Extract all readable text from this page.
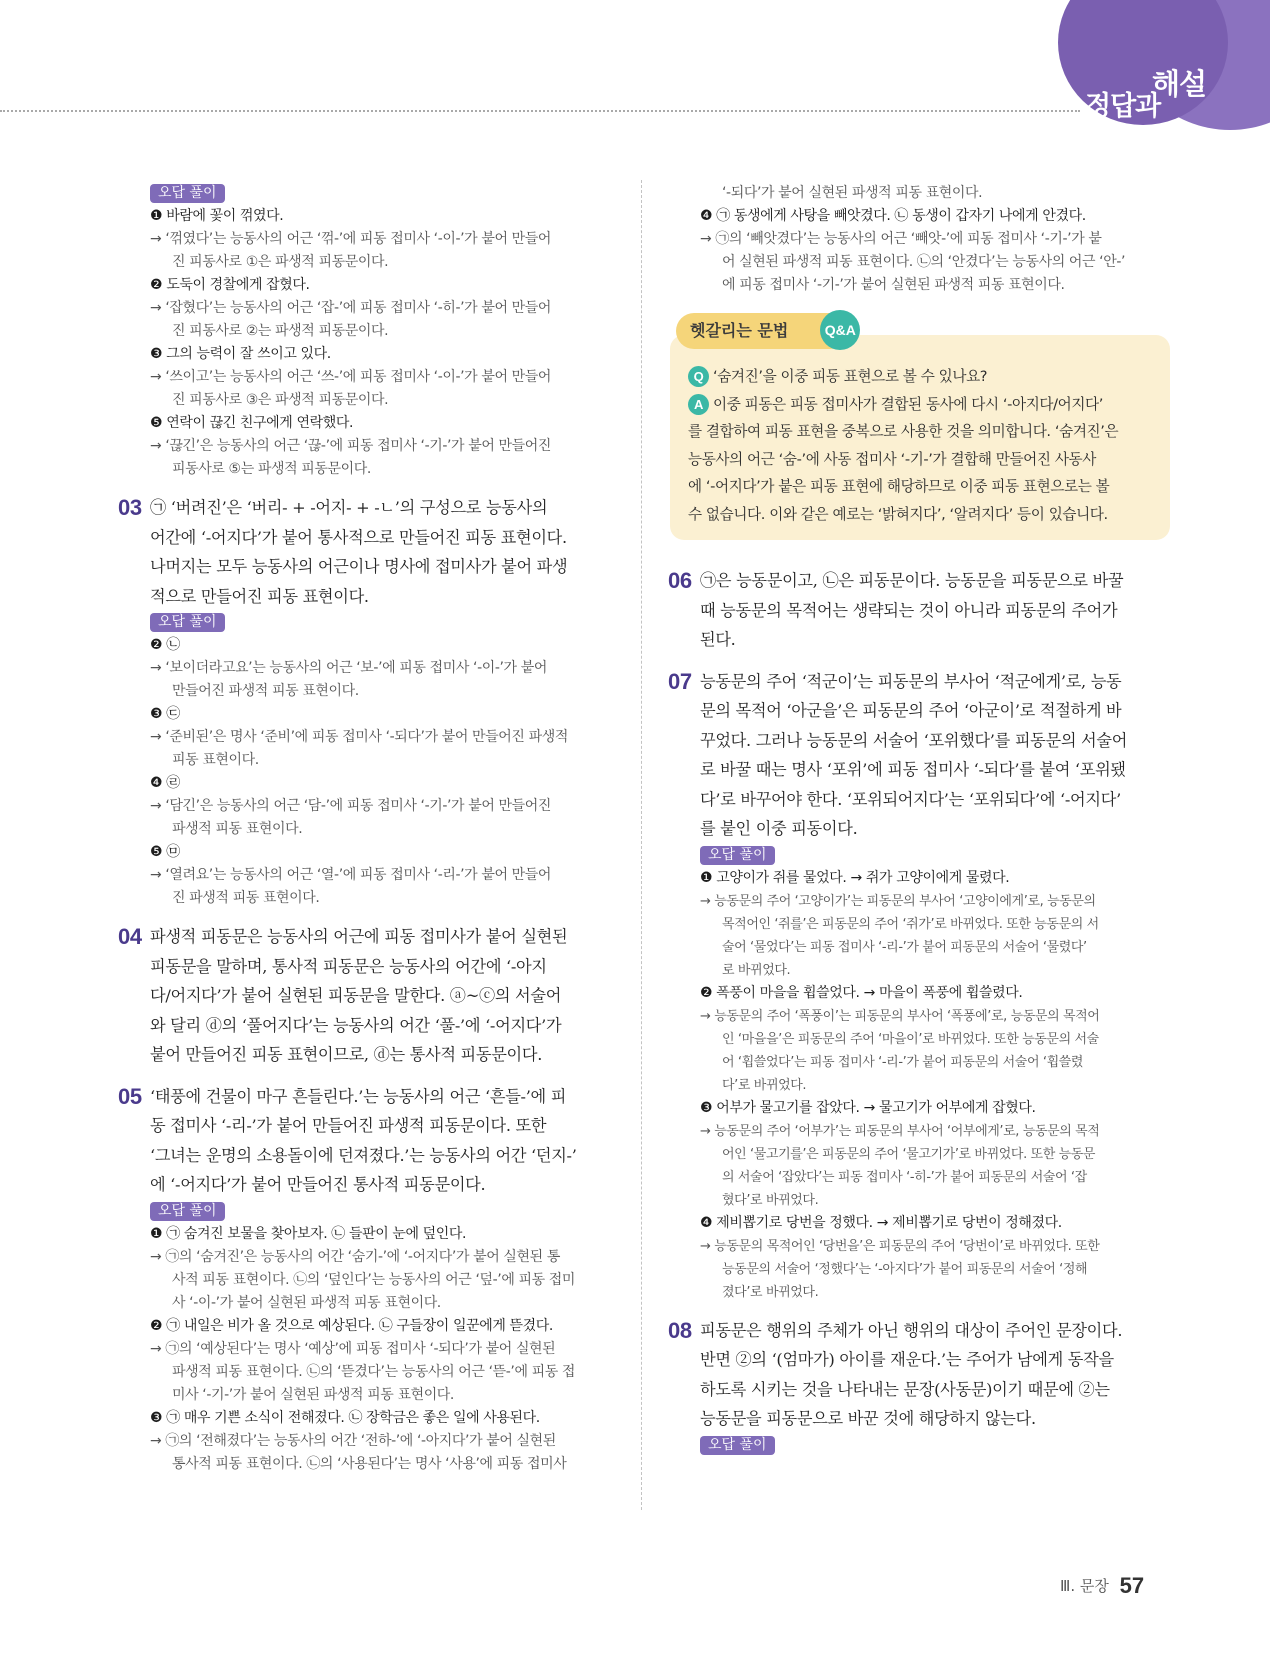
정답과
해설
오답 풀이
❶ 바람에 꽃이 꺾였다.
→ ‘꺾였다’는 능동사의 어근 ‘꺾-’에 피동 접미사 ‘-이-’가 붙어 만들어
진 피동사로 ①은 파생적 피동문이다.
❷ 도둑이 경찰에게 잡혔다.
→ ‘잡혔다’는 능동사의 어근 ‘잡-’에 피동 접미사 ‘-히-’가 붙어 만들어
진 피동사로 ②는 파생적 피동문이다.
❸ 그의 능력이 잘 쓰이고 있다.
→ ‘쓰이고’는 능동사의 어근 ‘쓰-’에 피동 접미사 ‘-이-’가 붙어 만들어
진 피동사로 ③은 파생적 피동문이다.
❺ 연락이 끊긴 친구에게 연락했다.
→ ‘끊긴’은 능동사의 어근 ‘끊-’에 피동 접미사 ‘-기-’가 붙어 만들어진
피동사로 ⑤는 파생적 피동문이다.
03 ㉠ ‘버려진’은 ‘버리- + -어지- + -ㄴ’의 구성으로 능동사의
어간에 ‘-어지다’가 붙어 통사적으로 만들어진 피동 표현이다.
나머지는 모두 능동사의 어근이나 명사에 접미사가 붙어 파생
적으로 만들어진 피동 표현이다.
오답 풀이
❷ ㉡
→ ‘보이더라고요’는 능동사의 어근 ‘보-’에 피동 접미사 ‘-이-’가 붙어
만들어진 파생적 피동 표현이다.
❸ ㉢
→ ‘준비된’은 명사 ‘준비’에 피동 접미사 ‘-되다’가 붙어 만들어진 파생적
피동 표현이다.
❹ ㉣
→ ‘담긴’은 능동사의 어근 ‘담-’에 피동 접미사 ‘-기-’가 붙어 만들어진
파생적 피동 표현이다.
❺ ㉤
→ ‘열려요’는 능동사의 어근 ‘열-’에 피동 접미사 ‘-리-’가 붙어 만들어
진 파생적 피동 표현이다.
04 파생적 피동문은 능동사의 어근에 피동 접미사가 붙어 실현된
피동문을 말하며, 통사적 피동문은 능동사의 어간에 ‘-아지
다/어지다’가 붙어 실현된 피동문을 말한다. ⓐ~ⓒ의 서술어
와 달리 ⓓ의 ‘풀어지다’는 능동사의 어간 ‘풀-’에 ‘-어지다’가
붙어 만들어진 피동 표현이므로, ⓓ는 통사적 피동문이다.
05 ‘태풍에 건물이 마구 흔들린다.’는 능동사의 어근 ‘흔들-’에 피
동 접미사 ‘-리-’가 붙어 만들어진 파생적 피동문이다. 또한
‘그녀는 운명의 소용돌이에 던져졌다.’는 능동사의 어간 ‘던지-’
에 ‘-어지다’가 붙어 만들어진 통사적 피동문이다.
오답 풀이
❶ ㉠ 숨겨진 보물을 찾아보자. ㉡ 들판이 눈에 덮인다.
→ ㉠의 ‘숨겨진’은 능동사의 어간 ‘숨기-’에 ‘-어지다’가 붙어 실현된 통
사적 피동 표현이다. ㉡의 ‘덮인다’는 능동사의 어근 ‘덮-’에 피동 접미
사 ‘-이-’가 붙어 실현된 파생적 피동 표현이다.
❷ ㉠ 내일은 비가 올 것으로 예상된다. ㉡ 구들장이 일꾼에게 뜯겼다.
→ ㉠의 ‘예상된다’는 명사 ‘예상’에 피동 접미사 ‘-되다’가 붙어 실현된
파생적 피동 표현이다. ㉡의 ‘뜯겼다’는 능동사의 어근 ‘뜯-’에 피동 접
미사 ‘-기-’가 붙어 실현된 파생적 피동 표현이다.
❸ ㉠ 매우 기쁜 소식이 전해졌다. ㉡ 장학금은 좋은 일에 사용된다.
→ ㉠의 ‘전해졌다’는 능동사의 어간 ‘전하-’에 ‘-아지다’가 붙어 실현된
통사적 피동 표현이다. ㉡의 ‘사용된다’는 명사 ‘사용’에 피동 접미사
‘-되다’가 붙어 실현된 파생적 피동 표현이다.
❹ ㉠ 동생에게 사탕을 빼앗겼다. ㉡ 동생이 갑자기 나에게 안겼다.
→ ㉠의 ‘빼앗겼다’는 능동사의 어근 ‘빼앗-’에 피동 접미사 ‘-기-’가 붙
어 실현된 파생적 피동 표현이다. ㉡의 ‘안겼다’는 능동사의 어근 ‘안-’
에 피동 접미사 ‘-기-’가 붙어 실현된 파생적 피동 표현이다.
헷갈리는 문법	Q&A
Q ‘숨겨진’을 이중 피동 표현으로 볼 수 있나요?
A 이중 피동은 피동 접미사가 결합된 동사에 다시 ‘-아지다/어지다’
를 결합하여 피동 표현을 중복으로 사용한 것을 의미합니다. ‘숨겨진’은
능동사의 어근 ‘숨-’에 사동 접미사 ‘-기-’가 결합해 만들어진 사동사
에 ‘-어지다’가 붙은 피동 표현에 해당하므로 이중 피동 표현으로는 볼
수 없습니다. 이와 같은 예로는 ‘밝혀지다’, ‘알려지다’ 등이 있습니다.
06 ㉠은 능동문이고, ㉡은 피동문이다. 능동문을 피동문으로 바꿀
때 능동문의 목적어는 생략되는 것이 아니라 피동문의 주어가
된다.
07 능동문의 주어 ‘적군이’는 피동문의 부사어 ‘적군에게’로, 능동
문의 목적어 ‘아군을’은 피동문의 주어 ‘아군이’로 적절하게 바
꾸었다. 그러나 능동문의 서술어 ‘포위했다’를 피동문의 서술어
로 바꿀 때는 명사 ‘포위’에 피동 접미사 ‘-되다’를 붙여 ‘포위됐
다’로 바꾸어야 한다. ‘포위되어지다’는 ‘포위되다’에 ‘-어지다’
를 붙인 이중 피동이다.
오답 풀이
❶ 고양이가 쥐를 물었다. → 쥐가 고양이에게 물렸다.
→ 능동문의 주어 ‘고양이가’는 피동문의 부사어 ‘고양이에게’로, 능동문의
목적어인 ‘쥐를’은 피동문의 주어 ‘쥐가’로 바뀌었다. 또한 능동문의 서
술어 ‘물었다’는 피동 접미사 ‘-리-’가 붙어 피동문의 서술어 ‘물렸다’
로 바뀌었다.
❷ 폭풍이 마을을 휩쓸었다. → 마을이 폭풍에 휩쓸렸다.
→ 능동문의 주어 ‘폭풍이’는 피동문의 부사어 ‘폭풍에’로, 능동문의 목적어
인 ‘마을을’은 피동문의 주어 ‘마을이’로 바뀌었다. 또한 능동문의 서술
어 ‘휩쓸었다’는 피동 접미사 ‘-리-’가 붙어 피동문의 서술어 ‘휩쓸렸
다’로 바뀌었다.
❸ 어부가 물고기를 잡았다. → 물고기가 어부에게 잡혔다.
→ 능동문의 주어 ‘어부가’는 피동문의 부사어 ‘어부에게’로, 능동문의 목적
어인 ‘물고기를’은 피동문의 주어 ‘물고기가’로 바뀌었다. 또한 능동문
의 서술어 ‘잡았다’는 피동 접미사 ‘-히-’가 붙어 피동문의 서술어 ‘잡
혔다’로 바뀌었다.
❹ 제비뽑기로 당번을 정했다. → 제비뽑기로 당번이 정해졌다.
→ 능동문의 목적어인 ‘당번을’은 피동문의 주어 ‘당번이’로 바뀌었다. 또한
능동문의 서술어 ‘정했다’는 ‘-아지다’가 붙어 피동문의 서술어 ‘정해
졌다’로 바뀌었다.
08 피동문은 행위의 주체가 아닌 행위의 대상이 주어인 문장이다.
반면 ②의 ‘(엄마가) 아이를 재운다.’는 주어가 남에게 동작을
하도록 시키는 것을 나타내는 문장(사동문)이기 때문에 ②는
능동문을 피동문으로 바꾼 것에 해당하지 않는다.
오답 풀이
Ⅲ. 문장 57
